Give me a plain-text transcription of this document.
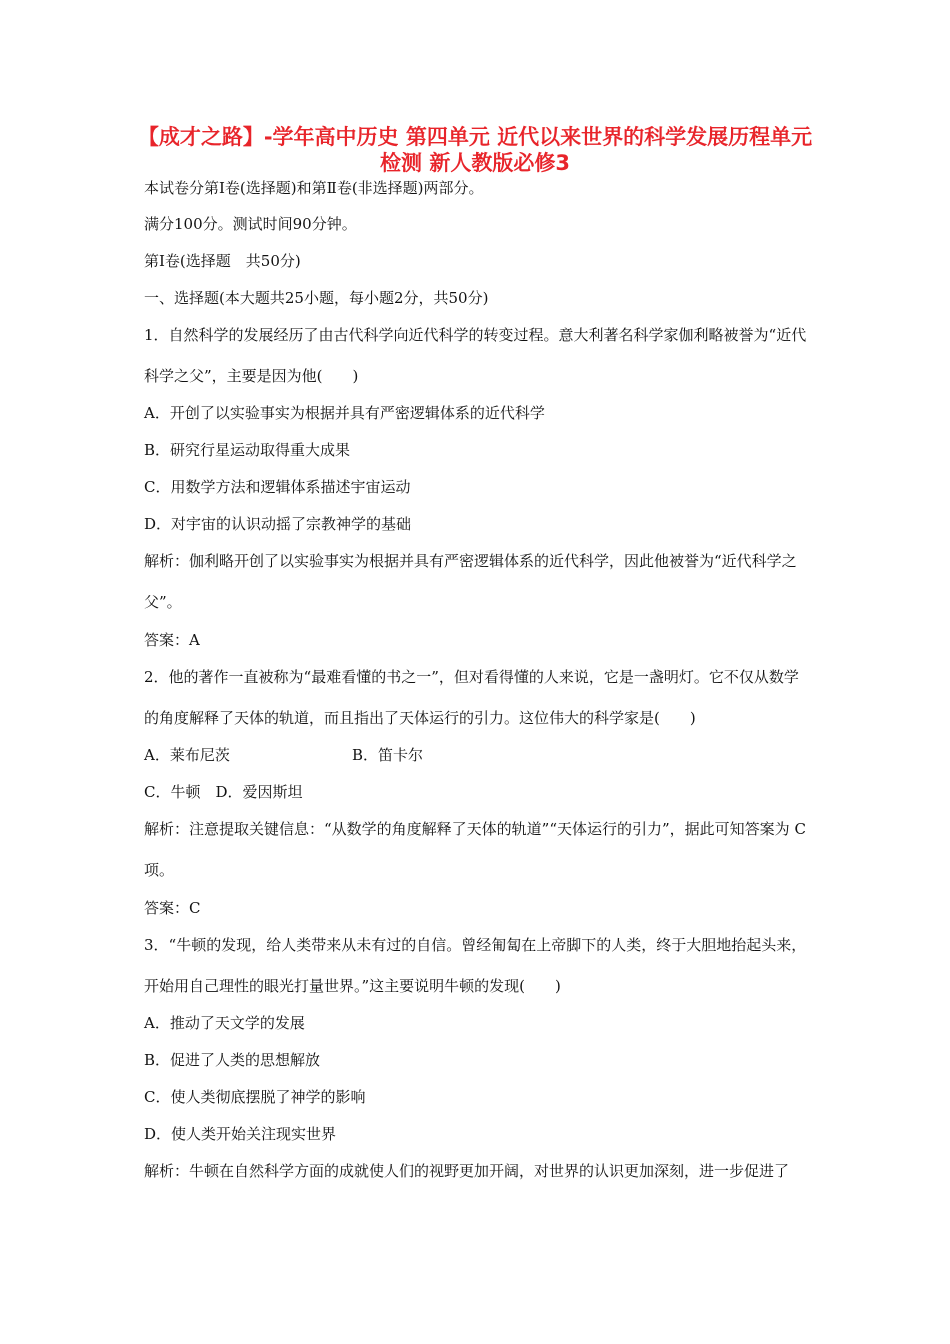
【成才之路】-学年高中历史 第四单元 近代以来世界的科学发展历程单元
检测 新人教版必修3
本试卷分第Ⅰ卷(选择题)和第Ⅱ卷(非选择题)两部分。
满分100分。测试时间90分钟。
第Ⅰ卷(选择题　共50分)
一、选择题(本大题共25小题，每小题2分，共50分)
1．自然科学的发展经历了由古代科学向近代科学的转变过程。意大利著名科学家伽利略被誉为“近代
科学之父”，主要是因为他(　　)
A．开创了以实验事实为根据并具有严密逻辑体系的近代科学
B．研究行星运动取得重大成果
C．用数学方法和逻辑体系描述宇宙运动
D．对宇宙的认识动摇了宗教神学的基础
解析：伽利略开创了以实验事实为根据并具有严密逻辑体系的近代科学，因此他被誉为“近代科学之
父”。
答案：A
2．他的著作一直被称为“最难看懂的书之一”，但对看得懂的人来说，它是一盏明灯。它不仅从数学
的角度解释了天体的轨道，而且指出了天体运行的引力。这位伟大的科学家是(　　)
A．莱布尼茨	B．笛卡尔
C．牛顿　D．爱因斯坦
解析：注意提取关键信息：“从数学的角度解释了天体的轨道”“天体运行的引力”，据此可知答案为 C
项。
答案：C
3．“牛顿的发现，给人类带来从未有过的自信。曾经匍匐在上帝脚下的人类，终于大胆地抬起头来，
开始用自己理性的眼光打量世界。”这主要说明牛顿的发现(　　)
A．推动了天文学的发展
B．促进了人类的思想解放
C．使人类彻底摆脱了神学的影响
D．使人类开始关注现实世界
解析：牛顿在自然科学方面的成就使人们的视野更加开阔，对世界的认识更加深刻，进一步促进了
